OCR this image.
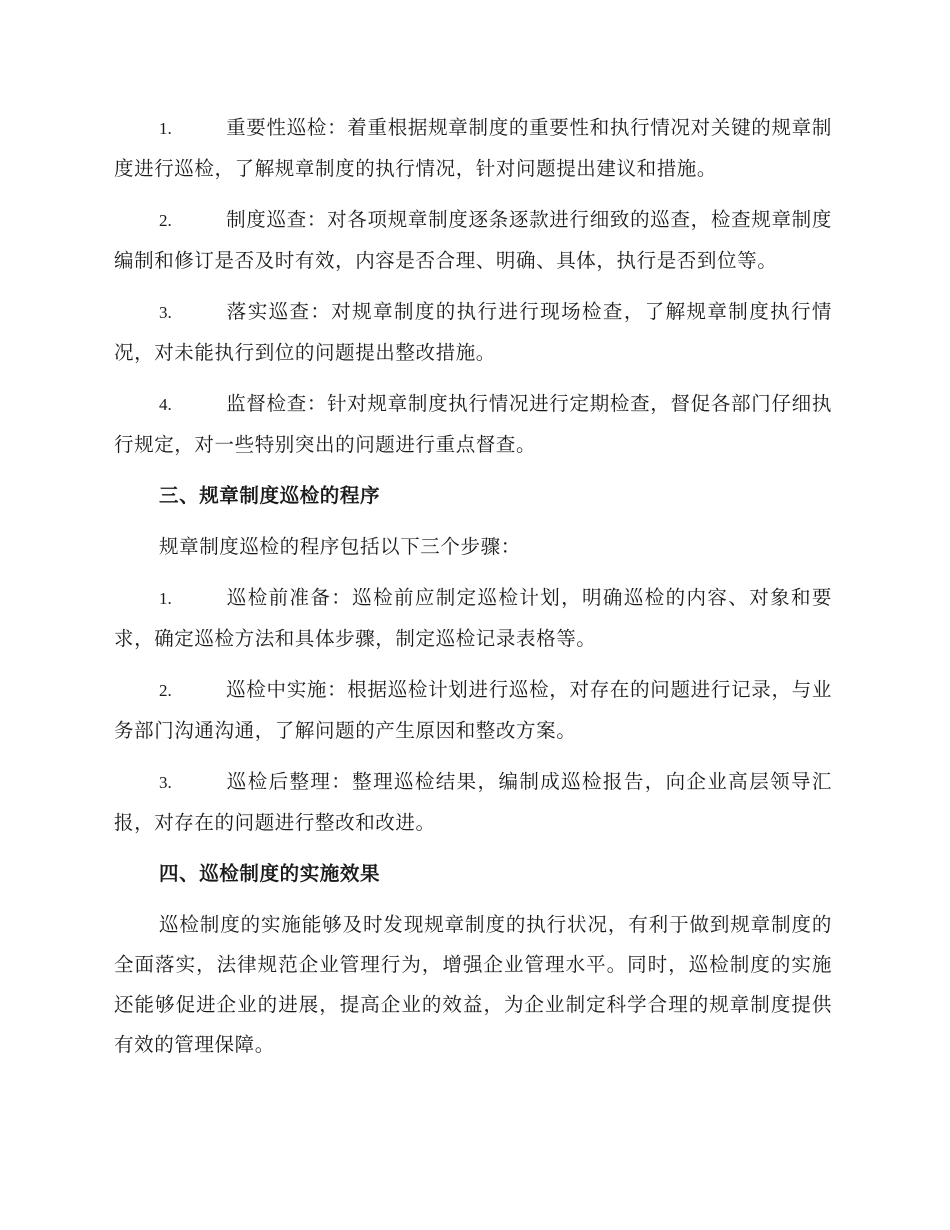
1.	重要性巡检：着重根据规章制度的重要性和执行情况对关键的规章制度进行巡检，了解规章制度的执行情况，针对问题提出建议和措施。

2.	制度巡查：对各项规章制度逐条逐款进行细致的巡查，检查规章制度编制和修订是否及时有效，内容是否合理、明确、具体，执行是否到位等。

3.	落实巡查：对规章制度的执行进行现场检查，了解规章制度执行情况，对未能执行到位的问题提出整改措施。

4.	监督检查：针对规章制度执行情况进行定期检查，督促各部门仔细执行规定，对一些特别突出的问题进行重点督查。

三、规章制度巡检的程序

规章制度巡检的程序包括以下三个步骤：

1.	巡检前准备：巡检前应制定巡检计划，明确巡检的内容、对象和要求，确定巡检方法和具体步骤，制定巡检记录表格等。

2.	巡检中实施：根据巡检计划进行巡检，对存在的问题进行记录，与业务部门沟通沟通，了解问题的产生原因和整改方案。

3.	巡检后整理：整理巡检结果，编制成巡检报告，向企业高层领导汇报，对存在的问题进行整改和改进。

四、巡检制度的实施效果

巡检制度的实施能够及时发现规章制度的执行状况，有利于做到规章制度的全面落实，法律规范企业管理行为，增强企业管理水平。同时，巡检制度的实施还能够促进企业的进展，提高企业的效益，为企业制定科学合理的规章制度提供有效的管理保障。
